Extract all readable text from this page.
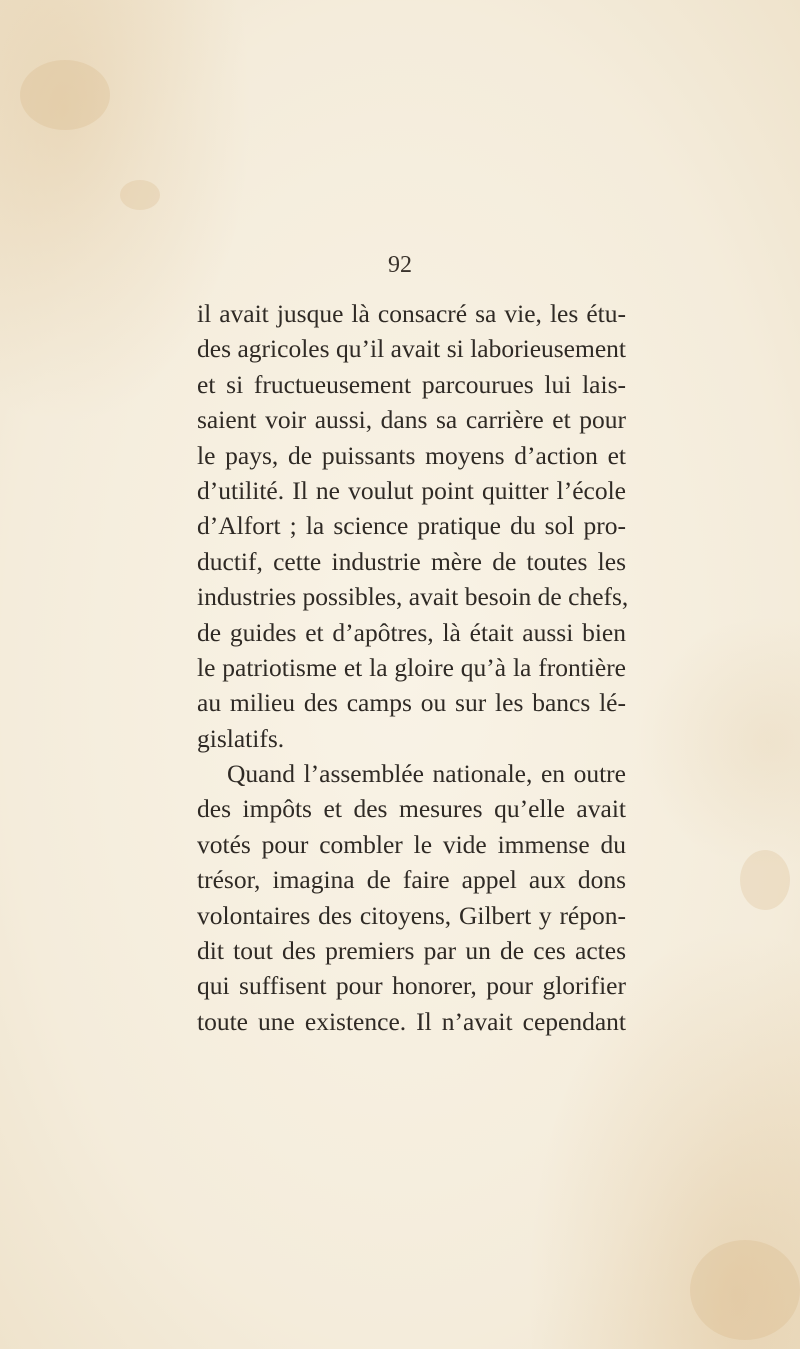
92
il avait jusque là consacré sa vie, les étu-
des agricoles qu’il avait si laborieusement
et si fructueusement parcourues lui lais-
saient voir aussi, dans sa carrière et pour
le pays, de puissants moyens d’action et
d’utilité. Il ne voulut point quitter l’école
d’Alfort ; la science pratique du sol pro-
ductif, cette industrie mère de toutes les
industries possibles, avait besoin de chefs,
de guides et d’apôtres, là était aussi bien
le patriotisme et la gloire qu’à la frontière
au milieu des camps ou sur les bancs lé-
gislatifs.
Quand l’assemblée nationale, en outre
des impôts et des mesures qu’elle avait
votés pour combler le vide immense du
trésor, imagina de faire appel aux dons
volontaires des citoyens, Gilbert y répon-
dit tout des premiers par un de ces actes
qui suffisent pour honorer, pour glorifier
toute une existence. Il n’avait cependant
